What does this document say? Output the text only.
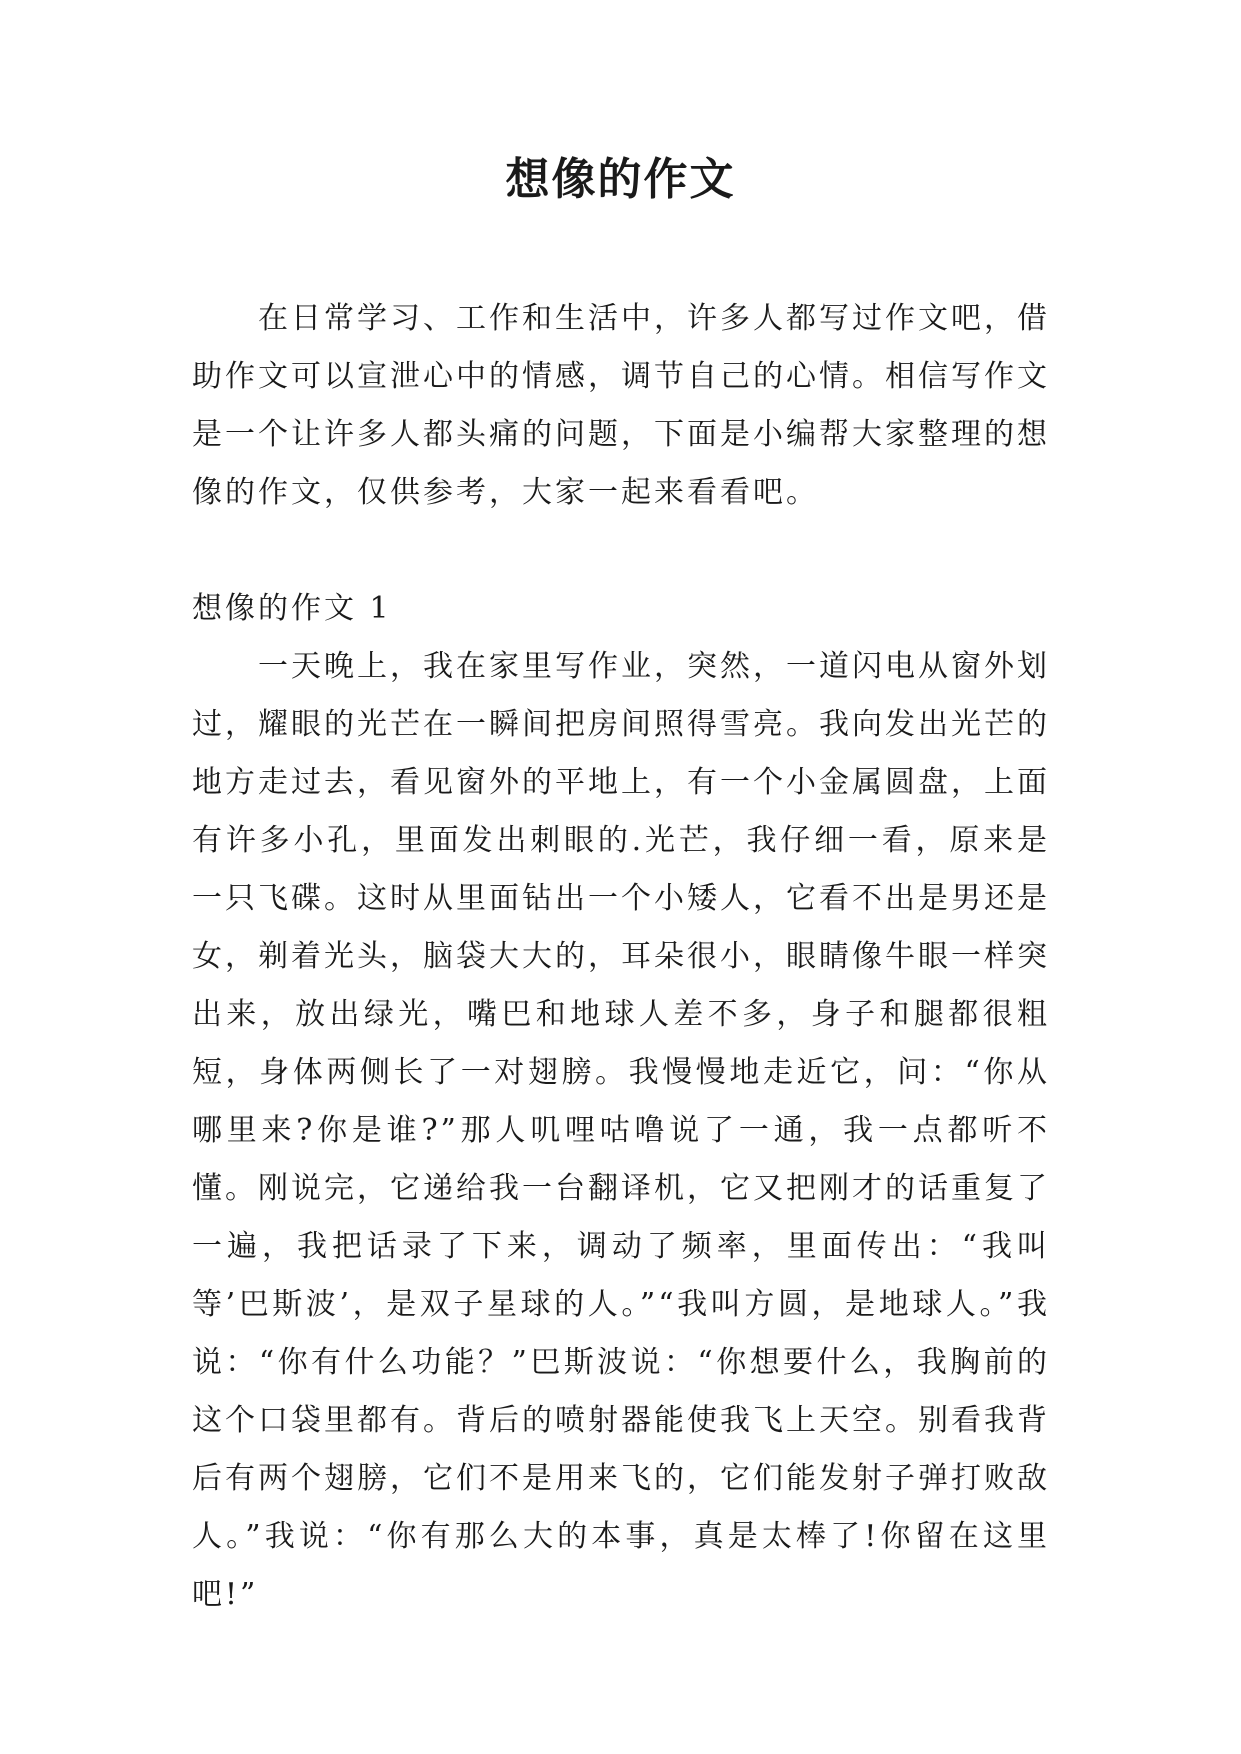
想像的作文

在日常学习、工作和生活中，许多人都写过作文吧，借助作文可以宣泄心中的情感，调节自己的心情。相信写作文是一个让许多人都头痛的问题，下面是小编帮大家整理的想像的作文，仅供参考，大家一起来看看吧。

想像的作文 1

一天晚上，我在家里写作业，突然，一道闪电从窗外划过，耀眼的光芒在一瞬间把房间照得雪亮。我向发出光芒的地方走过去，看见窗外的平地上，有一个小金属圆盘，上面有许多小孔，里面发出刺眼的.光芒，我仔细一看，原来是一只飞碟。这时从里面钻出一个小矮人，它看不出是男还是女，剃着光头，脑袋大大的，耳朵很小，眼睛像牛眼一样突出来，放出绿光，嘴巴和地球人差不多，身子和腿都很粗短，身体两侧长了一对翅膀。我慢慢地走近它，问：“你从哪里来?你是谁?”那人叽哩咕噜说了一通，我一点都听不懂。刚说完，它递给我一台翻译机，它又把刚才的话重复了一遍，我把话录了下来，调动了频率，里面传出：“我叫等’巴斯波’，是双子星球的人。”“我叫方圆，是地球人。”我说：“你有什么功能？”巴斯波说：“你想要什么，我胸前的这个口袋里都有。背后的喷射器能使我飞上天空。别看我背后有两个翅膀，它们不是用来飞的，它们能发射子弹打败敌人。”我说：“你有那么大的本事，真是太棒了!你留在这里吧!”
